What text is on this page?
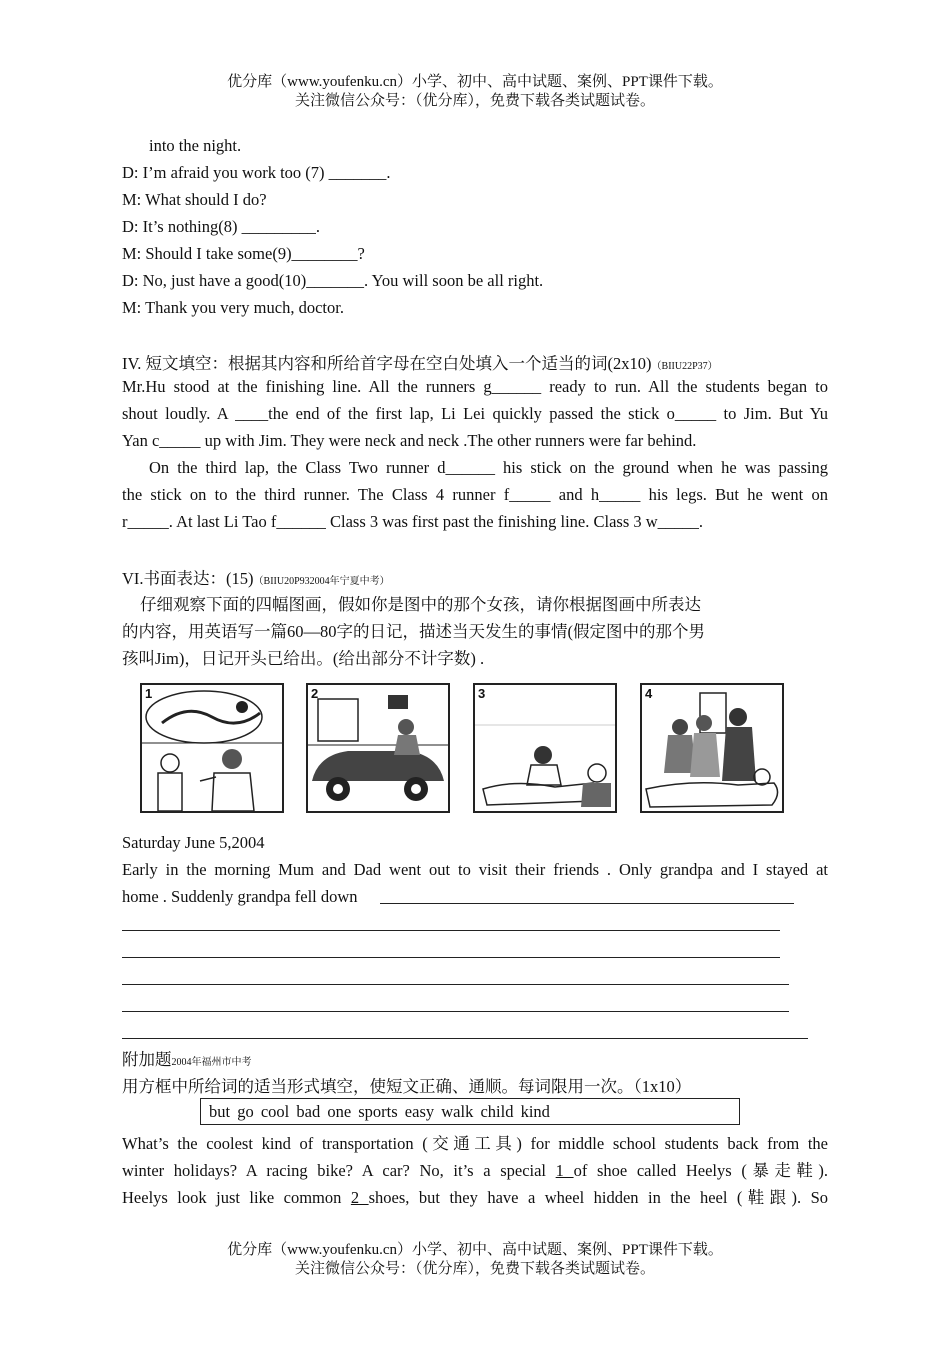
优分库（www.youfenku.cn）小学、初中、高中试题、案例、PPT课件下载。
关注微信公众号：（优分库），免费下载各类试题试卷。
into the night.
D: I’m afraid you work too (7) _______.
M: What should I do?
D: It’s nothing(8) _________.
M: Should I take some(9)________?
D: No, just have a good(10)_______. You will soon be all right.
M: Thank you very much, doctor.
IV. 短文填空：根据其内容和所给首字母在空白处填入一个适当的词(2x10)（BIIU22P37）
Mr.Hu stood at the finishing line. All the runners g______ ready to run. All the students began to
shout loudly. A ____the end of the first lap, Li Lei quickly passed the stick o_____ to Jim. But Yu
Yan c_____ up with Jim. They were neck and neck .The other runners were far behind.
On the third lap, the Class Two runner d______ his stick on the ground when he was passing
the stick on to the third runner. The Class 4 runner f_____ and h_____ his legs. But he went on
r_____. At last Li Tao f______ Class 3 was first past the finishing line. Class 3 w_____.
VI.书面表达：(15)（BIIU20P932004年宁夏中考）
仔细观察下面的四幅图画，假如你是图中的那个女孩，请你根据图画中所表达
的内容，用英语写一篇60—80字的日记，描述当天发生的事情(假定图中的那个男
孩叫Jim)，日记开头已给出。(给出部分不计字数) .
1	2	3	4
Saturday June 5,2004
Early in the morning Mum and Dad went out to visit their friends . Only grandpa and I stayed at
home . Suddenly grandpa fell down
附加题2004年福州市中考
用方框中所给词的适当形式填空，使短文正确、通顺。每词限用一次。（1x10）
but go cool bad one sports easy walk child kind
What’s the coolest kind of transportation (交通工具) for middle school students back from the
winter holidays? A racing bike? A car? No, it’s a special 1 of shoe called Heelys (暴走鞋).
Heelys look just like common 2 shoes, but they have a wheel hidden in the heel (鞋跟). So
优分库（www.youfenku.cn）小学、初中、高中试题、案例、PPT课件下载。
关注微信公众号：（优分库），免费下载各类试题试卷。
